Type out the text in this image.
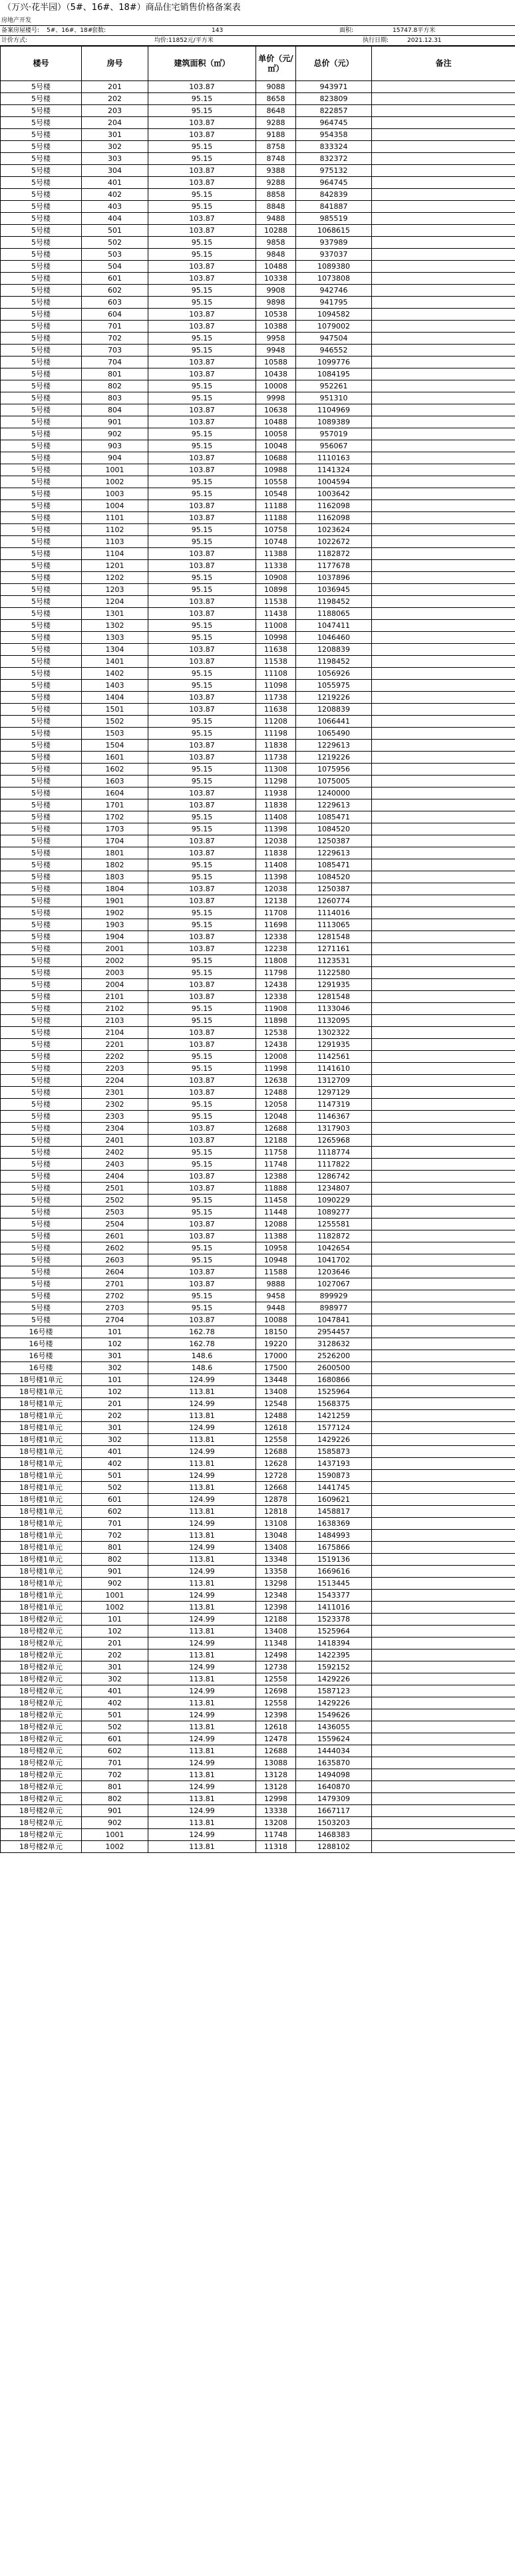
（万兴·花半园）（5#、16#、18#）商品住宅销售价格备案表
房地产开发
备案房屋楼号: 5#、16#、18#
套数:	143	面积:	15747.8平方米
计价方式:	均价:11852元/平方米	执行日期:	2021.12.31
楼号	房号	建筑面积（㎡）	单价（元/㎡）	总价（元）	备注
5号楼	201	103.87	9088	943971	
5号楼	202	95.15	8658	823809	
5号楼	203	95.15	8648	822857	
5号楼	204	103.87	9288	964745	
5号楼	301	103.87	9188	954358	
5号楼	302	95.15	8758	833324	
5号楼	303	95.15	8748	832372	
5号楼	304	103.87	9388	975132	
5号楼	401	103.87	9288	964745	
5号楼	402	95.15	8858	842839	
5号楼	403	95.15	8848	841887	
5号楼	404	103.87	9488	985519	
5号楼	501	103.87	10288	1068615	
5号楼	502	95.15	9858	937989	
5号楼	503	95.15	9848	937037	
5号楼	504	103.87	10488	1089380	
5号楼	601	103.87	10338	1073808	
5号楼	602	95.15	9908	942746	
5号楼	603	95.15	9898	941795	
5号楼	604	103.87	10538	1094582	
5号楼	701	103.87	10388	1079002	
5号楼	702	95.15	9958	947504	
5号楼	703	95.15	9948	946552	
5号楼	704	103.87	10588	1099776	
5号楼	801	103.87	10438	1084195	
5号楼	802	95.15	10008	952261	
5号楼	803	95.15	9998	951310	
5号楼	804	103.87	10638	1104969	
5号楼	901	103.87	10488	1089389	
5号楼	902	95.15	10058	957019	
5号楼	903	95.15	10048	956067	
5号楼	904	103.87	10688	1110163	
5号楼	1001	103.87	10988	1141324	
5号楼	1002	95.15	10558	1004594	
5号楼	1003	95.15	10548	1003642	
5号楼	1004	103.87	11188	1162098	
5号楼	1101	103.87	11188	1162098	
5号楼	1102	95.15	10758	1023624	
5号楼	1103	95.15	10748	1022672	
5号楼	1104	103.87	11388	1182872	
5号楼	1201	103.87	11338	1177678	
5号楼	1202	95.15	10908	1037896	
5号楼	1203	95.15	10898	1036945	
5号楼	1204	103.87	11538	1198452	
5号楼	1301	103.87	11438	1188065	
5号楼	1302	95.15	11008	1047411	
5号楼	1303	95.15	10998	1046460	
5号楼	1304	103.87	11638	1208839	
5号楼	1401	103.87	11538	1198452	
5号楼	1402	95.15	11108	1056926	
5号楼	1403	95.15	11098	1055975	
5号楼	1404	103.87	11738	1219226	
5号楼	1501	103.87	11638	1208839	
5号楼	1502	95.15	11208	1066441	
5号楼	1503	95.15	11198	1065490	
5号楼	1504	103.87	11838	1229613	
5号楼	1601	103.87	11738	1219226	
5号楼	1602	95.15	11308	1075956	
5号楼	1603	95.15	11298	1075005	
5号楼	1604	103.87	11938	1240000	
5号楼	1701	103.87	11838	1229613	
5号楼	1702	95.15	11408	1085471	
5号楼	1703	95.15	11398	1084520	
5号楼	1704	103.87	12038	1250387	
5号楼	1801	103.87	11838	1229613	
5号楼	1802	95.15	11408	1085471	
5号楼	1803	95.15	11398	1084520	
5号楼	1804	103.87	12038	1250387	
5号楼	1901	103.87	12138	1260774	
5号楼	1902	95.15	11708	1114016	
5号楼	1903	95.15	11698	1113065	
5号楼	1904	103.87	12338	1281548	
5号楼	2001	103.87	12238	1271161	
5号楼	2002	95.15	11808	1123531	
5号楼	2003	95.15	11798	1122580	
5号楼	2004	103.87	12438	1291935	
5号楼	2101	103.87	12338	1281548	
5号楼	2102	95.15	11908	1133046	
5号楼	2103	95.15	11898	1132095	
5号楼	2104	103.87	12538	1302322	
5号楼	2201	103.87	12438	1291935	
5号楼	2202	95.15	12008	1142561	
5号楼	2203	95.15	11998	1141610	
5号楼	2204	103.87	12638	1312709	
5号楼	2301	103.87	12488	1297129	
5号楼	2302	95.15	12058	1147319	
5号楼	2303	95.15	12048	1146367	
5号楼	2304	103.87	12688	1317903	
5号楼	2401	103.87	12188	1265968	
5号楼	2402	95.15	11758	1118774	
5号楼	2403	95.15	11748	1117822	
5号楼	2404	103.87	12388	1286742	
5号楼	2501	103.87	11888	1234807	
5号楼	2502	95.15	11458	1090229	
5号楼	2503	95.15	11448	1089277	
5号楼	2504	103.87	12088	1255581	
5号楼	2601	103.87	11388	1182872	
5号楼	2602	95.15	10958	1042654	
5号楼	2603	95.15	10948	1041702	
5号楼	2604	103.87	11588	1203646	
5号楼	2701	103.87	9888	1027067	
5号楼	2702	95.15	9458	899929	
5号楼	2703	95.15	9448	898977	
5号楼	2704	103.87	10088	1047841	
16号楼	101	162.78	18150	2954457	
16号楼	102	162.78	19220	3128632	
16号楼	301	148.6	17000	2526200	
16号楼	302	148.6	17500	2600500	
18号楼1单元	101	124.99	13448	1680866	
18号楼1单元	102	113.81	13408	1525964	
18号楼1单元	201	124.99	12548	1568375	
18号楼1单元	202	113.81	12488	1421259	
18号楼1单元	301	124.99	12618	1577124	
18号楼1单元	302	113.81	12558	1429226	
18号楼1单元	401	124.99	12688	1585873	
18号楼1单元	402	113.81	12628	1437193	
18号楼1单元	501	124.99	12728	1590873	
18号楼1单元	502	113.81	12668	1441745	
18号楼1单元	601	124.99	12878	1609621	
18号楼1单元	602	113.81	12818	1458817	
18号楼1单元	701	124.99	13108	1638369	
18号楼1单元	702	113.81	13048	1484993	
18号楼1单元	801	124.99	13408	1675866	
18号楼1单元	802	113.81	13348	1519136	
18号楼1单元	901	124.99	13358	1669616	
18号楼1单元	902	113.81	13298	1513445	
18号楼1单元	1001	124.99	12348	1543377	
18号楼1单元	1002	113.81	12398	1411016	
18号楼2单元	101	124.99	12188	1523378	
18号楼2单元	102	113.81	13408	1525964	
18号楼2单元	201	124.99	11348	1418394	
18号楼2单元	202	113.81	12498	1422395	
18号楼2单元	301	124.99	12738	1592152	
18号楼2单元	302	113.81	12558	1429226	
18号楼2单元	401	124.99	12698	1587123	
18号楼2单元	402	113.81	12558	1429226	
18号楼2单元	501	124.99	12398	1549626	
18号楼2单元	502	113.81	12618	1436055	
18号楼2单元	601	124.99	12478	1559624	
18号楼2单元	602	113.81	12688	1444034	
18号楼2单元	701	124.99	13088	1635870	
18号楼2单元	702	113.81	13128	1494098	
18号楼2单元	801	124.99	13128	1640870	
18号楼2单元	802	113.81	12998	1479309	
18号楼2单元	901	124.99	13338	1667117	
18号楼2单元	902	113.81	13208	1503203	
18号楼2单元	1001	124.99	11748	1468383	
18号楼2单元	1002	113.81	11318	1288102	
